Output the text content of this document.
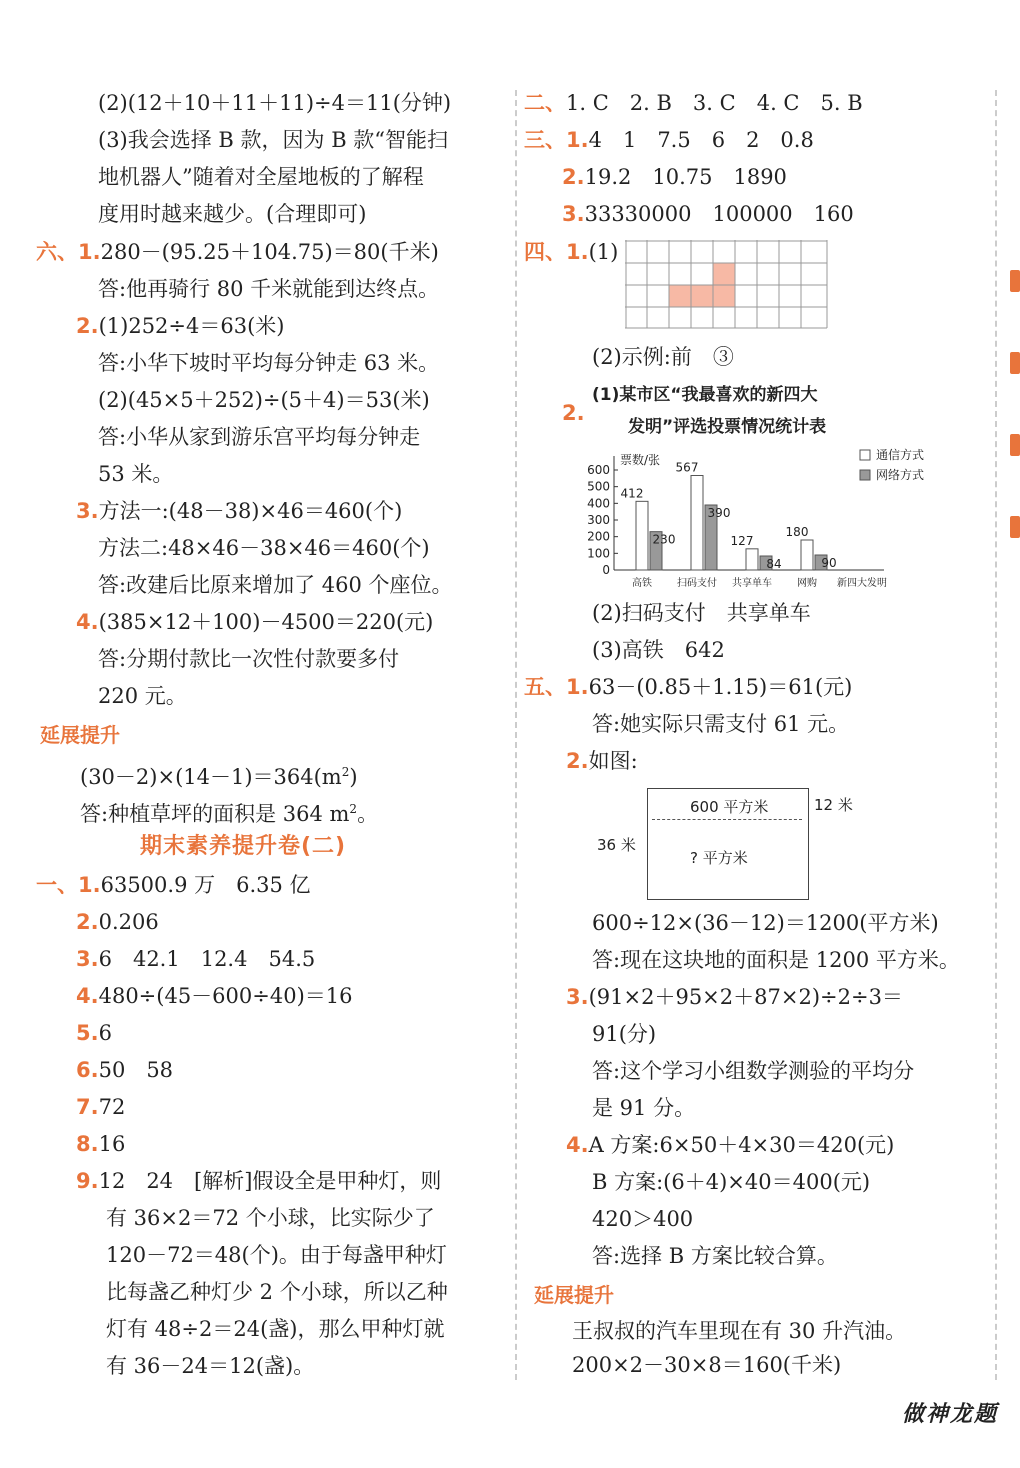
(2)(12＋10＋11＋11)÷4＝11(分钟)
(3)我会选择 B 款，因为 B 款“智能扫
地机器人”随着对全屋地板的了解程
度用时越来越少。(合理即可)
六、1.280－(95.25＋104.75)＝80(千米)
答:他再骑行 80 千米就能到达终点。
2.(1)252÷4＝63(米)
答:小华下坡时平均每分钟走 63 米。
(2)(45×5＋252)÷(5＋4)＝53(米)
答:小华从家到游乐宫平均每分钟走
53 米。
3.方法一:(48－38)×46＝460(个)
方法二:48×46－38×46＝460(个)
答:改建后比原来增加了 460 个座位。
4.(385×12＋100)－4500＝220(元)
答:分期付款比一次性付款要多付
220 元。
延展提升
$(30-2)\times(14-1)=364(m^2)$
答:种植草坪的面积是 364 $m^2$。
期末素养提升卷(二)
一、1.63500.9 万　6.35 亿
2.0.206
3.6　42.1　12.4　54.5
4.480÷(45－600÷40)＝16
5.6
6.50　58
7.72
8.16
9.12　24　[解析]假设全是甲种灯，则
有 36×2＝72 个小球，比实际少了
120－72＝48(个)。由于每盏甲种灯
比每盏乙种灯少 2 个小球，所以乙种
灯有 48÷2＝24(盏)，那么甲种灯就
有 36－24＝12(盏)。
二、1. C　2. B　3. C　4. C　5. B
三、1.4　1　7.5　6　2　0.8
2.19.2　10.75　1890
3.33330000　100000　160
四、1.(1)
(2)示例:前　③
2.
(1)某市区“我最喜欢的新四大
发明”评选投票情况统计表
票数/张
0
100
200
300
400
500
600
412
230
567
390
127
84
180
90
高铁	扫码支付 共享单车	网购 新四大发明
通信方式
网络方式
(2)扫码支付　共享单车
(3)高铁　642
五、1.63－(0.85＋1.15)＝61(元)
答:她实际只需支付 61 元。
2.如图:
600 平方米
? 平方米
12 米
36 米
600÷12×(36－12)＝1200(平方米)
答:现在这块地的面积是 1200 平方米。
3.(91×2＋95×2＋87×2)÷2÷3＝
91(分)
答:这个学习小组数学测验的平均分
是 91 分。
4.A 方案:6×50＋4×30＝420(元)
B 方案:(6＋4)×40＝400(元)
420＞400
答:选择 B 方案比较合算。
延展提升
王叔叔的汽车里现在有 30 升汽油。
200×2－30×8＝160(千米)
做神龙题
